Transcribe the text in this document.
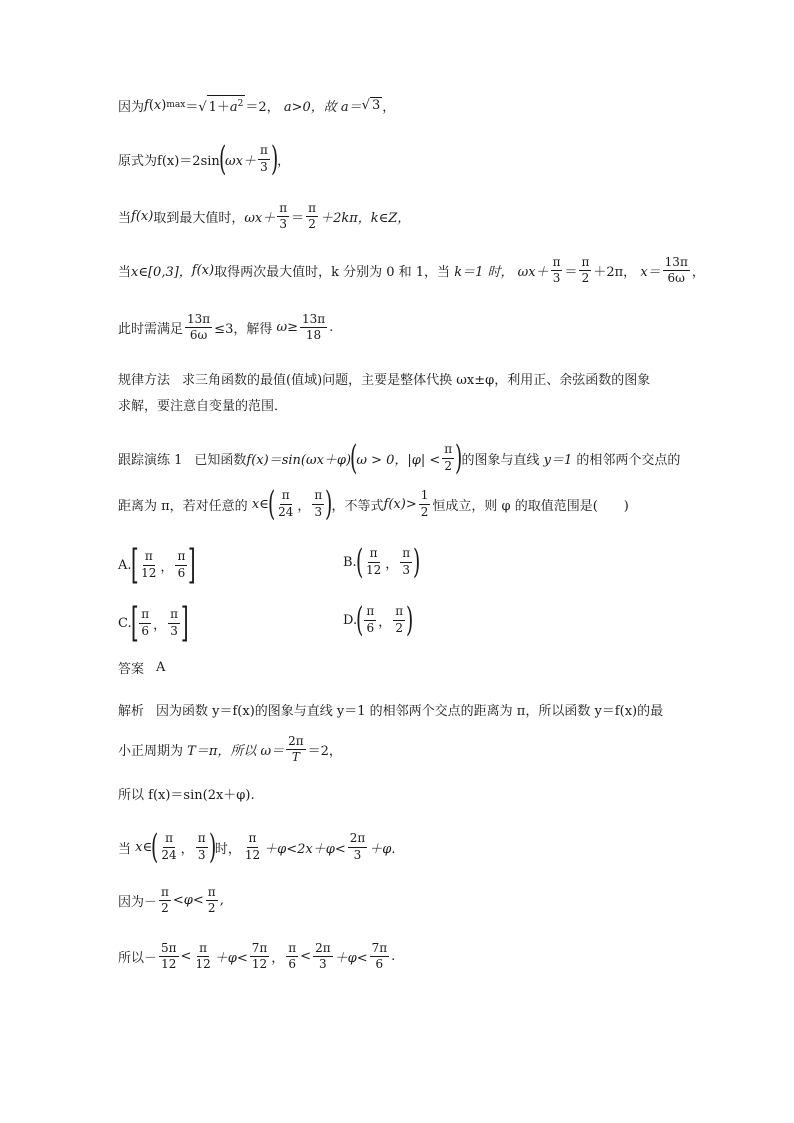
因为 f ( x ) max ＝ √ $1+a^2 =2$，
a>0，故
a＝ √ 3 ，
原式为 f(x)＝2sin
(
$\omega x+ \frac{\pi}{3}$ )
，
当 f(x) 取到最大值时， $\omega x+ \frac{\pi}{3} = \frac{\pi}{2} +2k\pi$， k∈Z，
当 x∈[0,3]， f(x) 取得两次最大值时， k 分别为 0 和 1，当
k＝1 时，
$\omega x+ \frac{\pi}{3} = \frac{\pi}{2} +2\pi$，
$x= \frac{13\pi}{6\omega}$ ，
此时需满足 $\frac{13\pi}{6\omega} \le 3$，解得
$\omega\ge \frac{13\pi}{18}$ .
规律方法 求三角函数的最值(值域)问题，主要是整体代换 ωx±φ，利用正、余弦函数的图象
求解，要注意自变量的范围．
跟踪演练 1 已知函数 f(x)＝sin(ωx＋φ)
(
ω > 0，$|\varphi| < \frac{\pi}{2}$ )
的图象与直线
y＝1
的相邻两个交点的
距离为 π，若对任意的
x∈
( $\frac{\pi}{24}$ ， $\frac{\pi}{3}$ )
，不等式 $f(x)> \frac{1}{2}$ 恒成立，则 φ 的取值范围是(　　)
A.
[ $\frac{\pi}{12}$ ， $\frac{\pi}{6}$ ]	B.
( $\frac{\pi}{12}$ ， $\frac{\pi}{3}$ )
C.
[ $\frac{\pi}{6}$ ， $\frac{\pi}{3}$ ]	D.
( $\frac{\pi}{6}$ ， $\frac{\pi}{2}$ )
答案 A
解析 因为函数 y＝f(x)的图象与直线 y＝1 的相邻两个交点的距离为 π，所以函数 y＝f(x)的最
小正周期为
T＝π，所以
$\omega= \frac{2\pi}{T} =2$，
所以 f(x)＝sin(2x＋φ).
当
x∈
( $\frac{\pi}{24}$ ， $\frac{\pi}{3}$ )
时， $\frac{\pi}{12} +\varphi<2x+\varphi< \frac{2\pi}{3} +\varphi$.
因为－ $\frac{\pi}{2} <\varphi< \frac{\pi}{2}$ ,
所以－ $\frac{5\pi}{12} < \frac{\pi}{12} +\varphi< \frac{7\pi}{12}$ ， $\frac{\pi}{6} < \frac{2\pi}{3} +\varphi< \frac{7\pi}{6}$ .
